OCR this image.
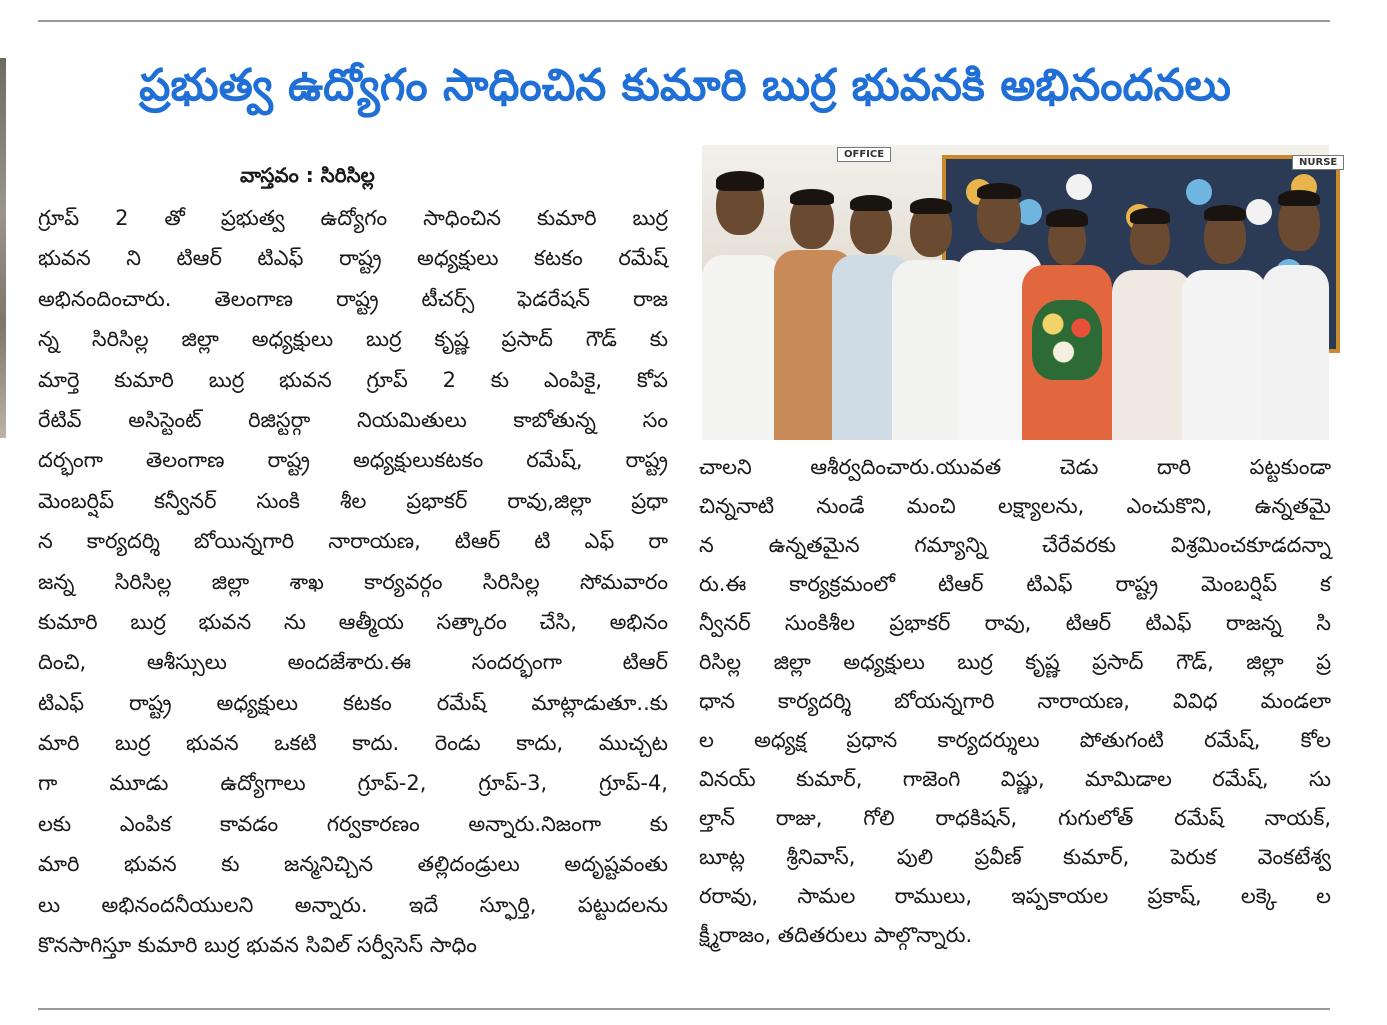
ప్రభుత్వ ఉద్యోగం సాధించిన కుమారి బుర్ర భువనకి అభినందనలు
వాస్తవం : సిరిసిల్ల
గ్రూప్ 2 తో ప్రభుత్వ ఉద్యోగం సాధించిన కుమారి బుర్ర
భువన ని టిఆర్ టిఎఫ్ రాష్ట్ర అధ్యక్షులు కటకం రమేష్
అభినందించారు. తెలంగాణ రాష్ట్ర టీచర్స్ ఫెడరేషన్ రాజ
న్న సిరిసిల్ల జిల్లా అధ్యక్షులు బుర్ర కృష్ణ ప్రసాద్ గౌడ్ కు
మార్తె కుమారి బుర్ర భువన గ్రూప్ 2 కు ఎంపికై, కోప
రేటివ్ అసిస్టెంట్ రిజిస్టర్గా నియమితులు కాబోతున్న సం
దర్భంగా తెలంగాణ రాష్ట్ర అధ్యక్షులుకటకం రమేష్, రాష్ట్ర
మెంబర్షిప్ కన్వీనర్ సుంకి శీల ప్రభాకర్ రావు,జిల్లా ప్రధా
న కార్యదర్శి బోయిన్నగారి నారాయణ, టిఆర్ టి ఎఫ్ రా
జన్న సిరిసిల్ల జిల్లా శాఖ కార్యవర్గం సిరిసిల్ల సోమవారం
కుమారి బుర్ర భువన ను ఆత్మీయ సత్కారం చేసి, అభినం
దించి, ఆశీస్సులు అందజేశారు.ఈ సందర్భంగా టిఆర్
టిఎఫ్ రాష్ట్ర అధ్యక్షులు కటకం రమేష్ మాట్లాడుతూ..కు
మారి బుర్ర భువన ఒకటి కాదు. రెండు కాదు, ముచ్చట
గా మూడు ఉద్యోగాలు గ్రూప్-2, గ్రూప్-3, గ్రూప్-4,
లకు ఎంపిక కావడం గర్వకారణం అన్నారు.నిజంగా కు
మారి భువన కు జన్మనిచ్చిన తల్లిదండ్రులు అదృష్టవంతు
లు అభినందనీయులని అన్నారు. ఇదే స్ఫూర్తి, పట్టుదలను
కొనసాగిస్తూ కుమారి బుర్ర భువన సివిల్ సర్వీసెస్ సాధిం
OFFICE
NURSE
చాలని ఆశీర్వదించారు.యువత చెడు దారి పట్టకుండా
చిన్ననాటి నుండే మంచి లక్ష్యాలను, ఎంచుకొని, ఉన్నతమై
న ఉన్నతమైన గమ్యాన్ని చేరేవరకు విశ్రమించకూడదన్నా
రు.ఈ కార్యక్రమంలో టిఆర్ టిఎఫ్ రాష్ట్ర మెంబర్షిప్ క
న్వీనర్ సుంకిశీల ప్రభాకర్ రావు, టిఆర్ టిఎఫ్ రాజన్న సి
రిసిల్ల జిల్లా అధ్యక్షులు బుర్ర కృష్ణ ప్రసాద్ గౌడ్, జిల్లా ప్ర
ధాన కార్యదర్శి బోయన్నగారి నారాయణ, వివిధ మండలా
ల అధ్యక్ష ప్రధాన కార్యదర్శులు పోతుగంటి రమేష్, కోల
వినయ్ కుమార్, గాజెంగి విష్ణు, మామిడాల రమేష్, సు
ల్తాన్ రాజు, గోలి రాధకిషన్, గుగులోత్ రమేష్ నాయక్,
బూట్ల శ్రీనివాస్, పులి ప్రవీణ్ కుమార్, పెరుక వెంకటేశ్వ
రరావు, సామల రాములు, ఇప్పకాయల ప్రకాష్, లక్కె ల
క్ష్మీరాజం, తదితరులు పాల్గొన్నారు.
